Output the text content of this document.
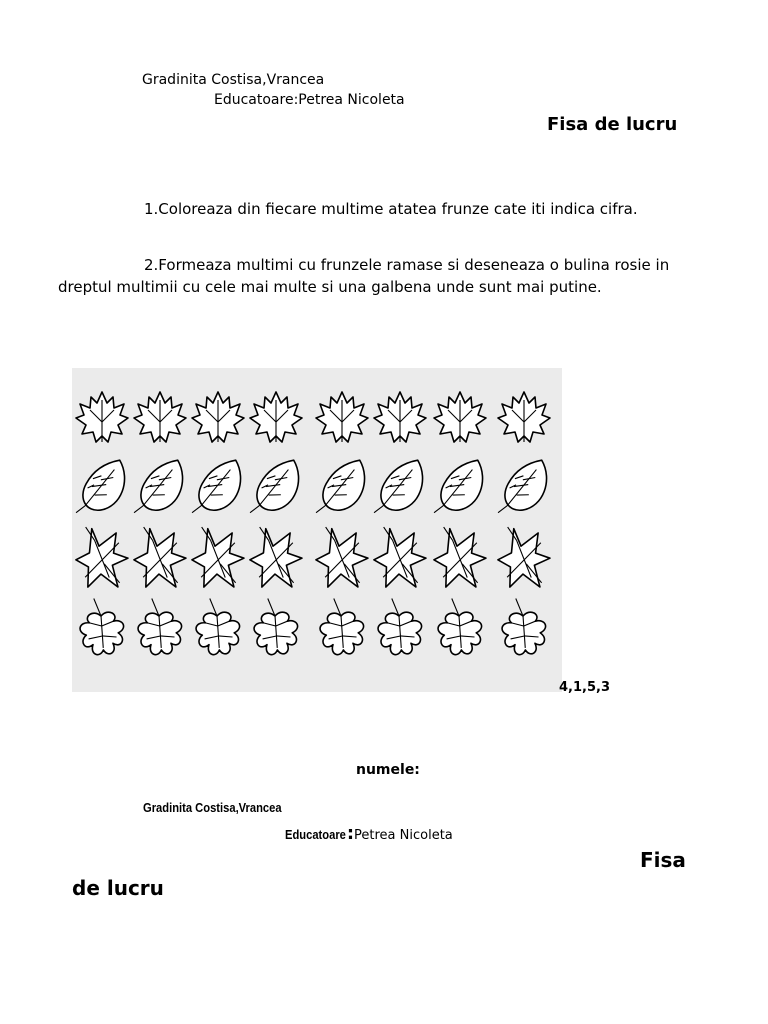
Gradinita Costisa,Vrancea
Educatoare:Petrea Nicoleta
Fisa de lucru
1.Coloreaza din fiecare multime atatea frunze cate iti indica cifra.
2.Formeaza multimi cu frunzele ramase si deseneaza o bulina rosie in dreptul multimii cu cele mai multe si una galbena unde sunt mai putine.
4,1,5,3
numele:
Gradinita Costisa,Vrancea
Educatoare:Petrea Nicoleta
Fisa
de lucru
